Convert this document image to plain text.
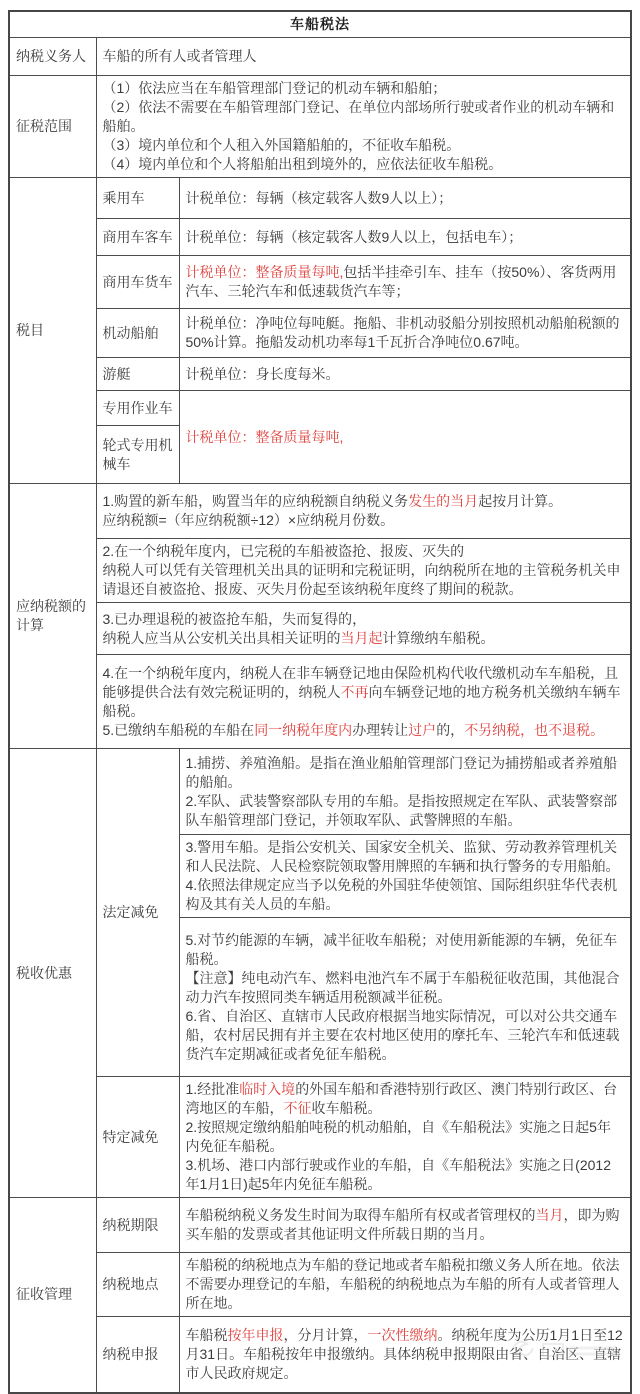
车船税法		
纳税义务人	车船的所有人或者管理人	
征税范围	（1）依法应当在车船管理部门登记的机动车辆和船舶；
（2）依法不需要在车船管理部门登记、在单位内部场所行驶或者作业的机动车辆和船舶。
（3）境内单位和个人租入外国籍船舶的，不征收车船税。
（4）境内单位和个人将船舶出租到境外的，应依法征收车船税。	
税目	乘用车	计税单位：每辆（核定载客人数9人以上）；
	商用车客车	计税单位：每辆（核定载客人数9人以上，包括电车）；
	商用车货车	计税单位：整备质量每吨,包括半挂牵引车、挂车（按50%）、客货两用汽车、三轮汽车和低速载货汽车等；
	机动船舶	计税单位：净吨位每吨艇。拖船、非机动驳船分别按照机动船舶税额的50%计算。拖船发动机功率每1千瓦折合净吨位0.67吨。
	游艇	计税单位：身长度每米。
	专用作业车	计税单位：整备质量每吨,
	轮式专用机械车	
应纳税额的计算	1.购置的新车船，购置当年的应纳税额自纳税义务发生的当月起按月计算。
应纳税额=（年应纳税额÷12）×应纳税月份数。	
	2.在一个纳税年度内，已完税的车船被盗抢、报废、灭失的
纳税人可以凭有关管理机关出具的证明和完税证明，向纳税所在地的主管税务机关申请退还自被盗抢、报废、灭失月份起至该纳税年度终了期间的税款。	
	3.已办理退税的被盗抢车船，失而复得的，
纳税人应当从公安机关出具相关证明的当月起计算缴纳车船税。	
	4.在一个纳税年度内，纳税人在非车辆登记地由保险机构代收代缴机动车车船税，且能够提供合法有效完税证明的，纳税人不再向车辆登记地的地方税务机关缴纳车辆车船税。
5.已缴纳车船税的车船在同一纳税年度内办理转让过户的，不另纳税，也不退税。	
税收优惠	法定减免	1.捕捞、养殖渔船。是指在渔业船舶管理部门登记为捕捞船或者养殖船的船舶。
2.军队、武装警察部队专用的车船。是指按照规定在军队、武装警察部队车船管理部门登记，并领取军队、武警牌照的车船。
		3.警用车船。是指公安机关、国家安全机关、监狱、劳动教养管理机关和人民法院、人民检察院领取警用牌照的车辆和执行警务的专用船舶。
4.依照法律规定应当予以免税的外国驻华使领馆、国际组织驻华代表机构及其有关人员的车船。
		5.对节约能源的车辆，减半征收车船税；对使用新能源的车辆，免征车船税。
【注意】纯电动汽车、燃料电池汽车不属于车船税征收范围，其他混合动力汽车按照同类车辆适用税额减半征税。
6.省、自治区、直辖市人民政府根据当地实际情况，可以对公共交通车船，农村居民拥有并主要在农村地区使用的摩托车、三轮汽车和低速载货汽车定期减征或者免征车船税。
	特定减免	1.经批准临时入境的外国车船和香港特别行政区、澳门特别行政区、台湾地区的车船，不征收车船税。
2.按照规定缴纳船舶吨税的机动船舶，自《车船税法》实施之日起5年内免征车船税。
3.机场、港口内部行驶或作业的车船，自《车船税法》实施之日(2012年1月1日)起5年内免征车船税。
征收管理	纳税期限	车船税纳税义务发生时间为取得车船所有权或者管理权的当月，即为购买车船的发票或者其他证明文件所载日期的当月。
	纳税地点	车船税的纳税地点为车船的登记地或者车船税扣缴义务人所在地。依法不需要办理登记的车船，车船税的纳税地点为车船的所有人或者管理人所在地。
	纳税申报	车船税按年申报，分月计算，一次性缴纳。纳税年度为公历1月1日至12月31日。车船税按年申报缴纳。具体纳税申报期限由省、自治区、直辖市人民政府规定。
